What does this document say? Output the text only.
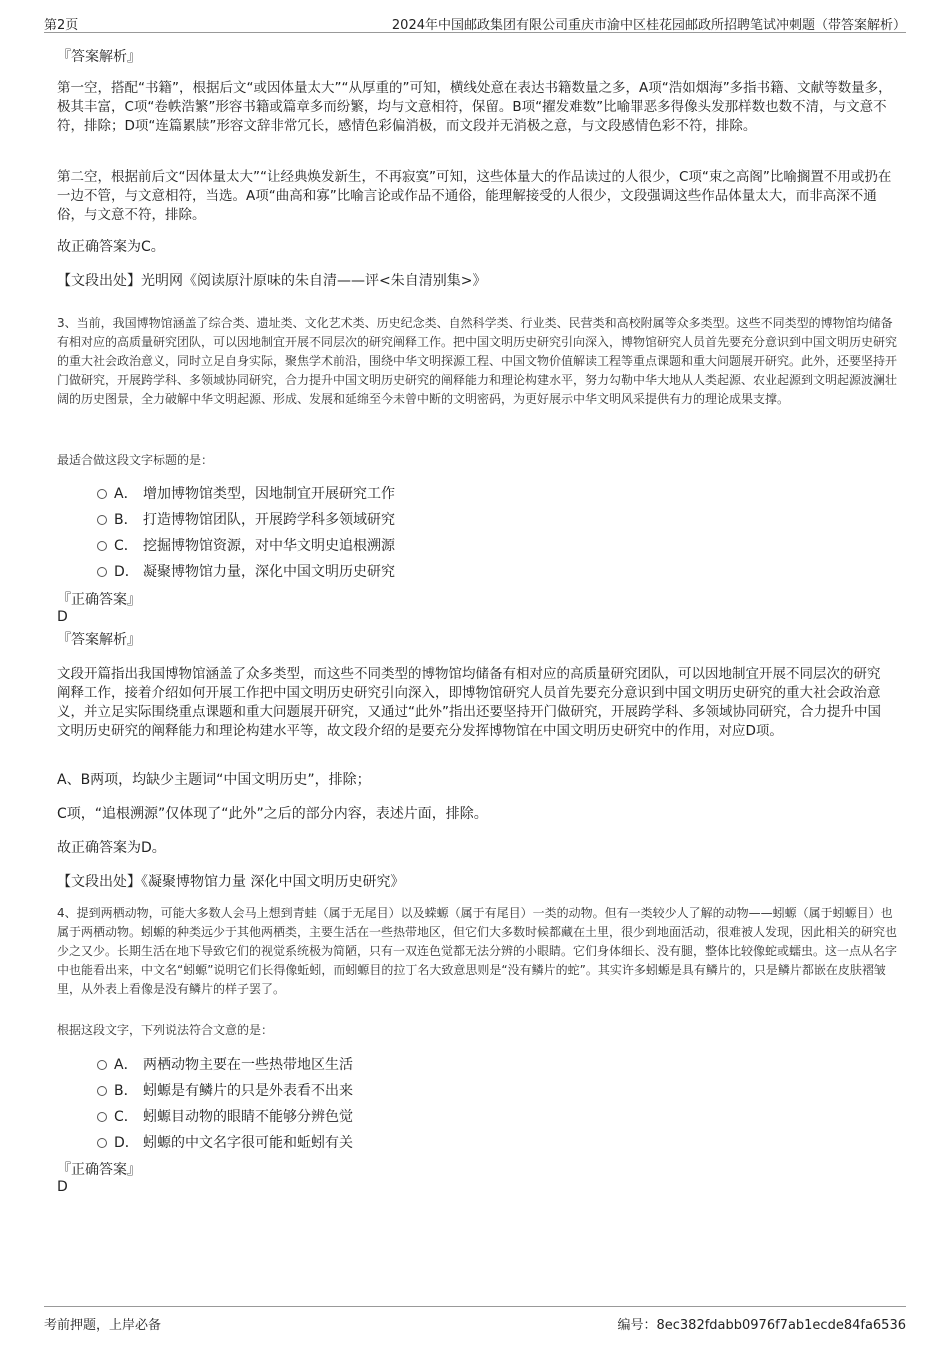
第2页	2024年中国邮政集团有限公司重庆市渝中区桂花园邮政所招聘笔试冲刺题（带答案解析）

『答案解析』

第一空，搭配“书籍”，根据后文“或因体量太大”“从厚重的”可知，横线处意在表达书籍数量之多，A项“浩如烟海”多指书籍、文献等数量多，极其丰富，C项“卷帙浩繁”形容书籍或篇章多而纷繁，均与文意相符，保留。B项“擢发难数”比喻罪恶多得像头发那样数也数不清，与文意不符，排除；D项“连篇累牍”形容文辞非常冗长，感情色彩偏消极，而文段并无消极之意，与文段感情色彩不符，排除。

第二空，根据前后文“因体量太大”“让经典焕发新生，不再寂寞”可知，这些体量大的作品读过的人很少，C项“束之高阁”比喻搁置不用或扔在一边不管，与文意相符，当选。A项“曲高和寡”比喻言论或作品不通俗，能理解接受的人很少，文段强调这些作品体量太大，而非高深不通俗，与文意不符，排除。

故正确答案为C。

【文段出处】光明网《阅读原汁原味的朱自清——评<朱自清别集>》

3、当前，我国博物馆涵盖了综合类、遗址类、文化艺术类、历史纪念类、自然科学类、行业类、民营类和高校附属等众多类型。这些不同类型的博物馆均储备有相对应的高质量研究团队，可以因地制宜开展不同层次的研究阐释工作。把中国文明历史研究引向深入，博物馆研究人员首先要充分意识到中国文明历史研究的重大社会政治意义，同时立足自身实际，聚焦学术前沿，围绕中华文明探源工程、中国文物价值解读工程等重点课题和重大问题展开研究。此外，还要坚持开门做研究，开展跨学科、多领域协同研究，合力提升中国文明历史研究的阐释能力和理论构建水平，努力勾勒中华大地从人类起源、农业起源到文明起源波澜壮阔的历史图景，全力破解中华文明起源、形成、发展和延绵至今未曾中断的文明密码，为更好展示中华文明风采提供有力的理论成果支撑。

最适合做这段文字标题的是：

A． 增加博物馆类型，因地制宜开展研究工作
B． 打造博物馆团队，开展跨学科多领域研究
C． 挖掘博物馆资源，对中华文明史追根溯源
D． 凝聚博物馆力量，深化中国文明历史研究

『正确答案』

D

『答案解析』

文段开篇指出我国博物馆涵盖了众多类型，而这些不同类型的博物馆均储备有相对应的高质量研究团队，可以因地制宜开展不同层次的研究阐释工作，接着介绍如何开展工作把中国文明历史研究引向深入，即博物馆研究人员首先要充分意识到中国文明历史研究的重大社会政治意义，并立足实际围绕重点课题和重大问题展开研究，又通过“此外”指出还要坚持开门做研究，开展跨学科、多领域协同研究，合力提升中国文明历史研究的阐释能力和理论构建水平等，故文段介绍的是要充分发挥博物馆在中国文明历史研究中的作用，对应D项。

A、B两项，均缺少主题词“中国文明历史”，排除；

C项，“追根溯源”仅体现了“此外”之后的部分内容，表述片面，排除。

故正确答案为D。

【文段出处】《凝聚博物馆力量 深化中国文明历史研究》

4、提到两栖动物，可能大多数人会马上想到青蛙（属于无尾目）以及蝾螈（属于有尾目）一类的动物。但有一类较少人了解的动物——蚓螈（属于蚓螈目）也属于两栖动物。蚓螈的种类远少于其他两栖类，主要生活在一些热带地区，但它们大多数时候都藏在土里，很少到地面活动，很难被人发现，因此相关的研究也少之又少。长期生活在地下导致它们的视觉系统极为简陋，只有一双连色觉都无法分辨的小眼睛。它们身体细长、没有腿，整体比较像蛇或蠕虫。这一点从名字中也能看出来，中文名“蚓螈”说明它们长得像蚯蚓，而蚓螈目的拉丁名大致意思则是“没有鳞片的蛇”。其实许多蚓螈是具有鳞片的，只是鳞片都嵌在皮肤褶皱里，从外表上看像是没有鳞片的样子罢了。

根据这段文字，下列说法符合文意的是：

A． 两栖动物主要在一些热带地区生活
B． 蚓螈是有鳞片的只是外表看不出来
C． 蚓螈目动物的眼睛不能够分辨色觉
D． 蚓螈的中文名字很可能和蚯蚓有关

『正确答案』

D

考前押题，上岸必备	编号：8ec382fdabb0976f7ab1ecde84fa6536
